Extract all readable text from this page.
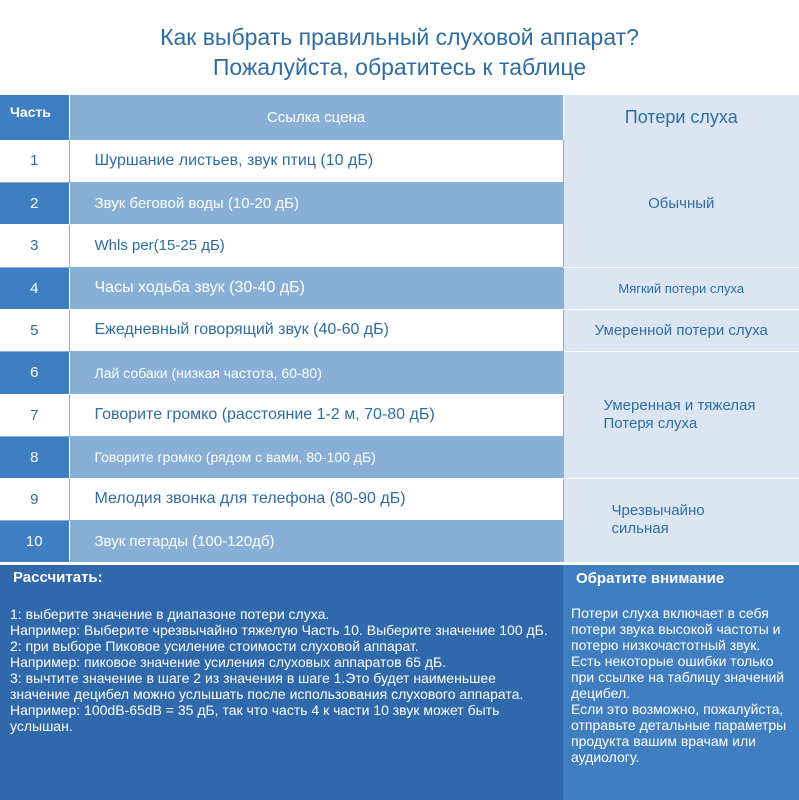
Как выбрать правильный слуховой аппарат?
Пожалуйста, обратитесь к таблице
Часть	Ссылка сцена	Потери слуха
1	Шуршание листьев, звук птиц (10 дБ)	Обычный
2	Звук беговой воды (10-20 дБ)	
3	Whls per(15-25 дБ)	
4	Часы ходьба звук (30-40 дБ)	Мягкий потери слуха
5	Ежедневный говорящий звук (40-60 дБ)	Умеренной потери слуха
6	Лай собаки (низкая частота, 60-80)	Умеренная и тяжелая
Потеря слуха

7	Говорите громко (расстояние 1-2 м, 70-80 дБ)	
8	Говорите громко (рядом с вами, 80-100 дБ)	
9	Мелодия звонка для телефона (80-90 дБ)	Чрезвычайно
сильная

10	Звук петарды (100-120дб)	
Рассчитать:

1: выберите значение в диапазоне потери слуха.

Например: Выберите чрезвычайно тяжелую Часть 10. Выберите значение 100 дБ.

2: при выборе Пиковое усиление стоимости слуховой аппарат.

Например: пиковое значение усиления слуховых аппаратов 65 дБ.

3: вычтите значение в шаге 2 из значения в шаге 1.Это будет наименьшее значение децибел можно услышать после использования слухового аппарата.

Например: 100dB-65dB = 35 дБ, так что часть 4 к части 10 звук может быть услышан.

Обратите внимание

Потери слуха включает в себя потери звука высокой частоты и потерю низкочастотный звук.

Есть некоторые ошибки только при ссылке на таблицу значений децибел.

Если это возможно, пожалуйста, отправьте детальные параметры продукта вашим врачам или аудиологу.
